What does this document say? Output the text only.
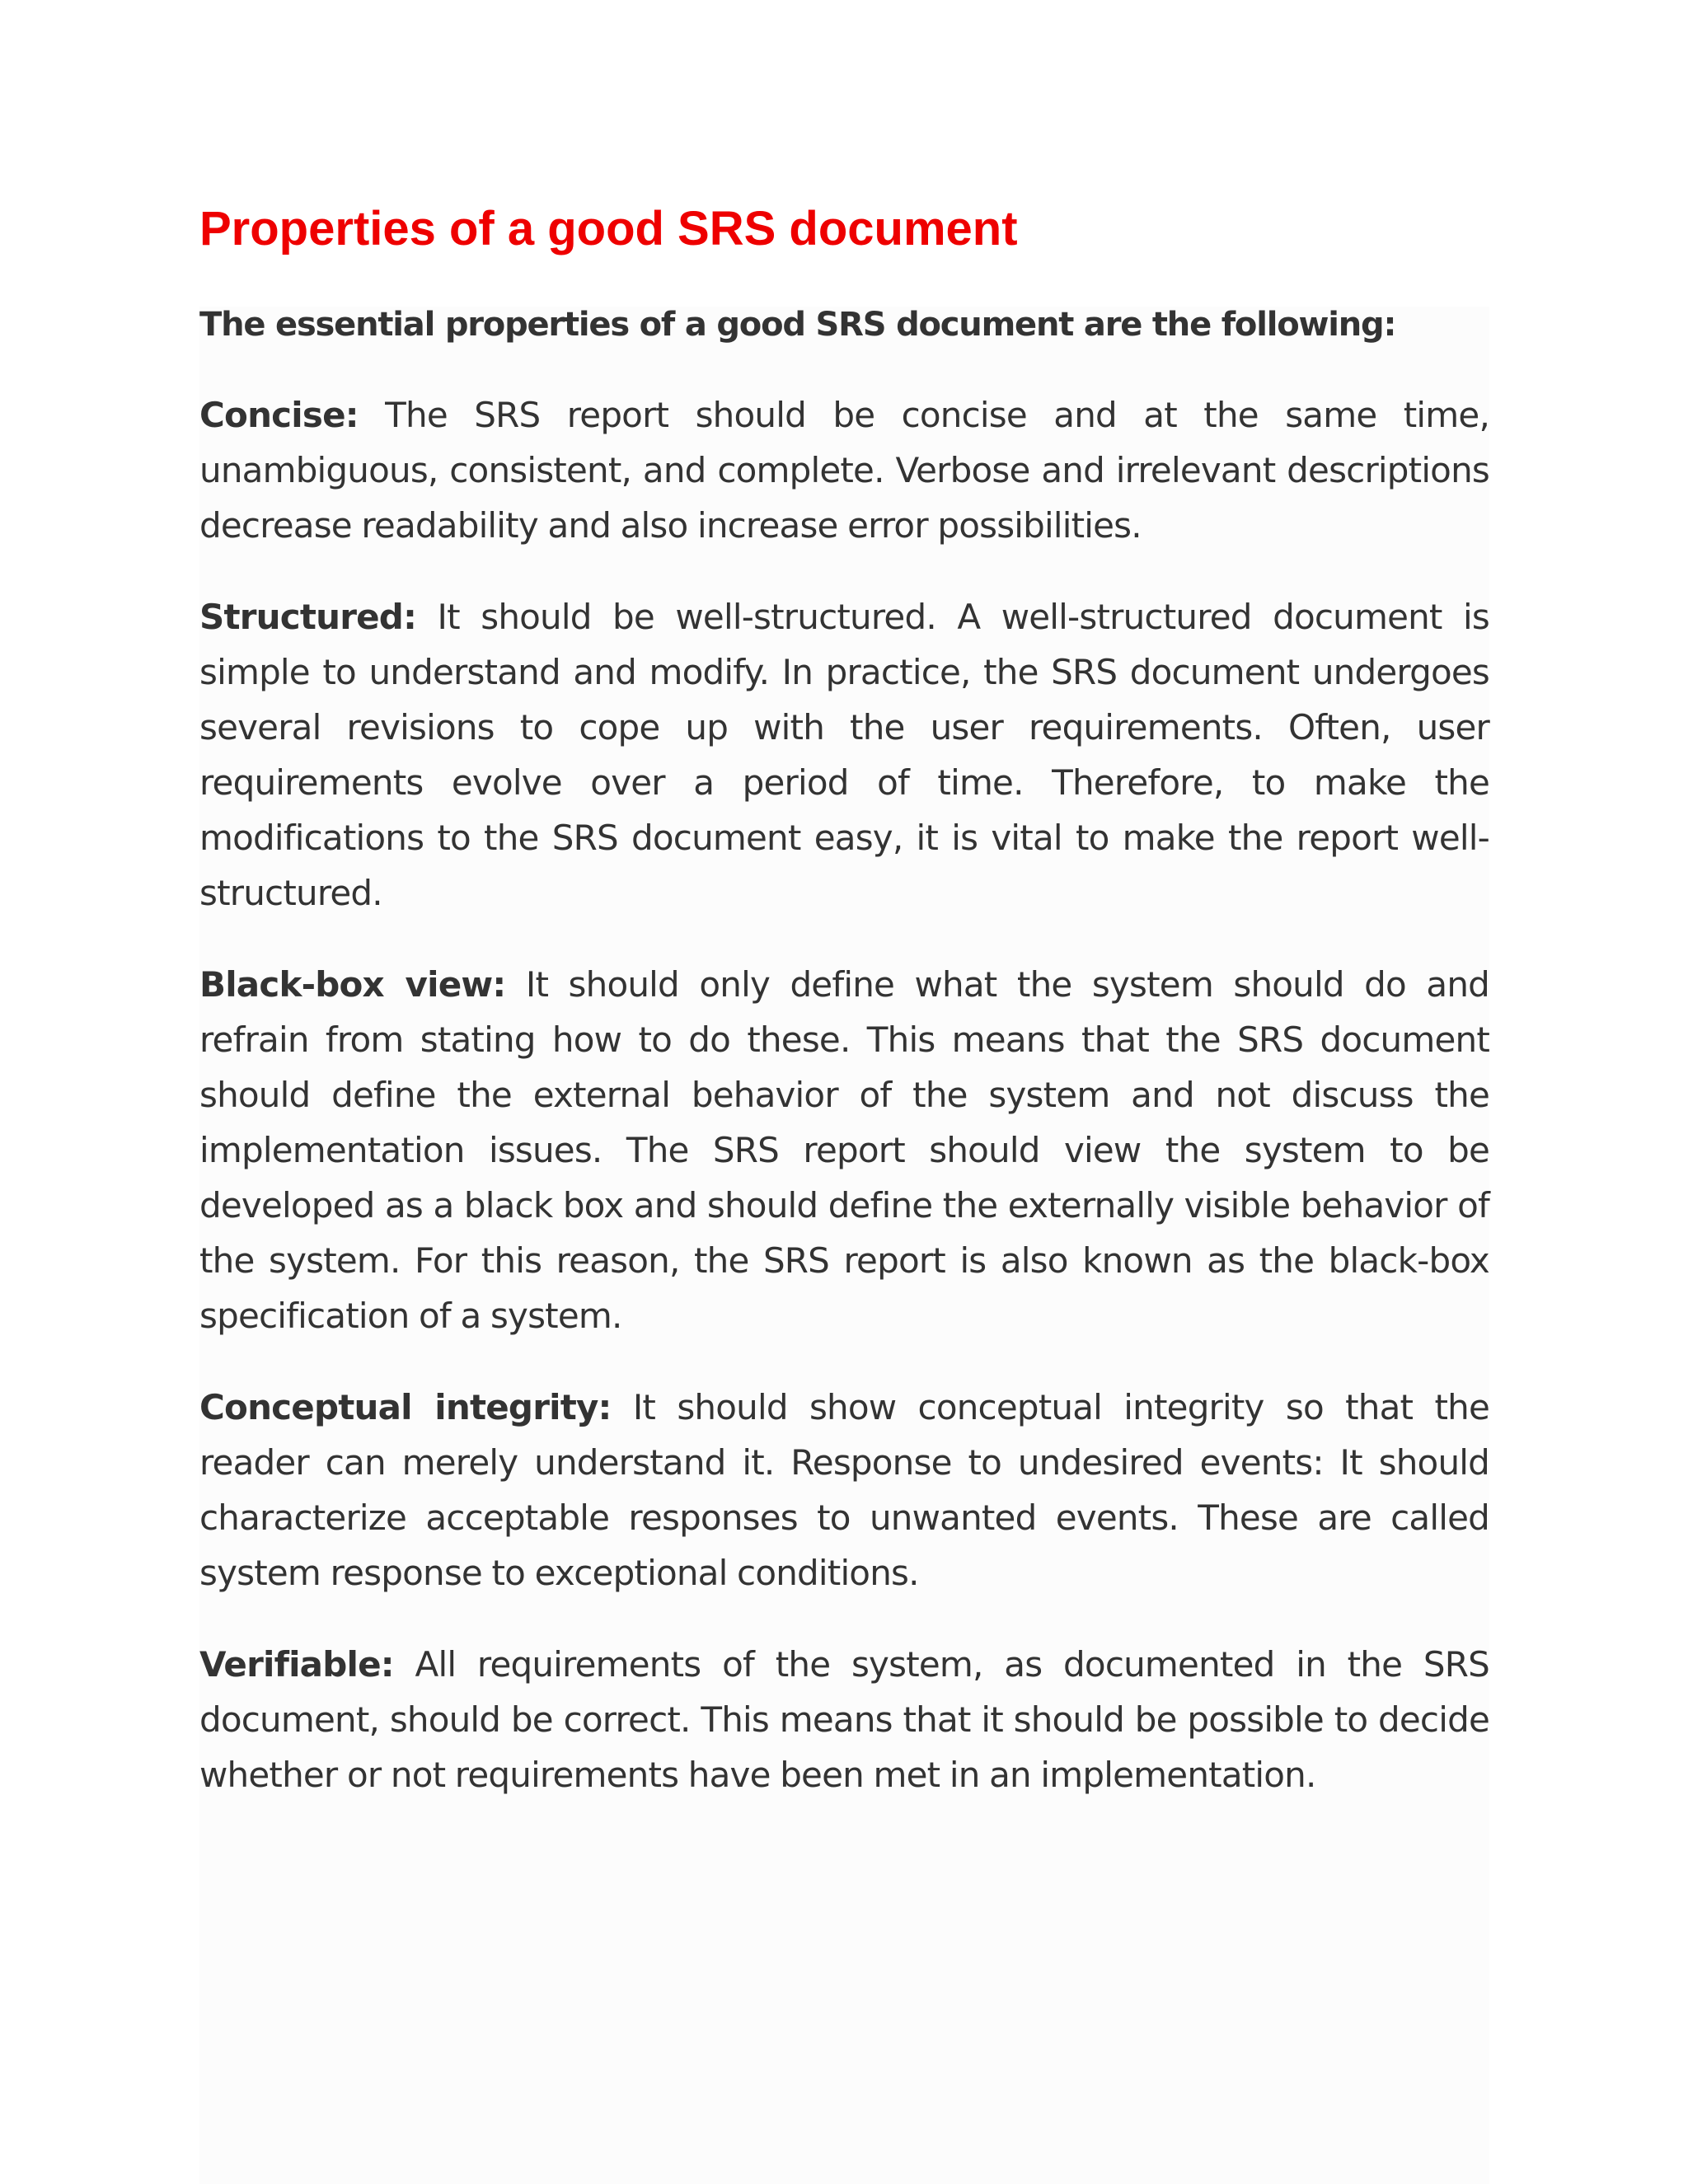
Properties of a good SRS document

The essential properties of a good SRS document are the following:

Concise: The SRS report should be concise and at the same time, unambiguous, consistent, and complete. Verbose and irrelevant descriptions decrease readability and also increase error possibilities.

Structured: It should be well-structured. A well-structured document is simple to understand and modify. In practice, the SRS document undergoes several revisions to cope up with the user requirements. Often, user requirements evolve over a period of time. Therefore, to make the modifications to the SRS document easy, it is vital to make the report well-structured.

Black-box view: It should only define what the system should do and refrain from stating how to do these. This means that the SRS document should define the external behavior of the system and not discuss the implementation issues. The SRS report should view the system to be developed as a black box and should define the externally visible behavior of the system. For this reason, the SRS report is also known as the black-box specification of a system.

Conceptual integrity: It should show conceptual integrity so that the reader can merely understand it. Response to undesired events: It should characterize acceptable responses to unwanted events. These are called system response to exceptional conditions.

Verifiable: All requirements of the system, as documented in the SRS document, should be correct. This means that it should be possible to decide whether or not requirements have been met in an implementation.
